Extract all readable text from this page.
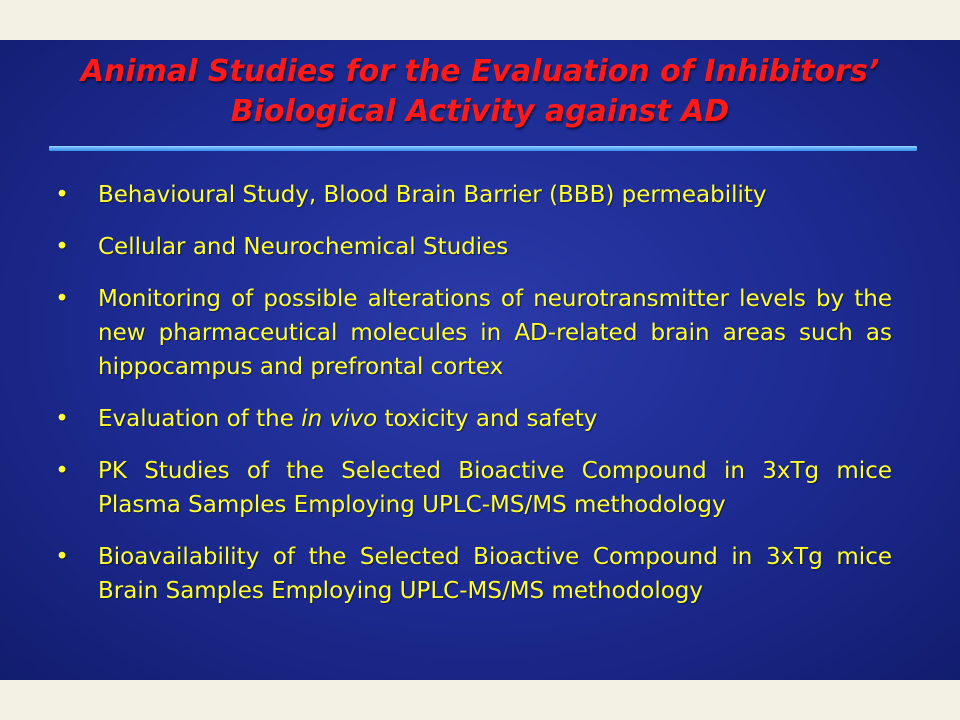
Animal Studies for the Evaluation of Inhibitors’
Biological Activity against AD
• Behavioural Study, Blood Brain Barrier (BBB) permeability
• Cellular and Neurochemical Studies
• Monitoring of possible alterations of neurotransmitter levels by the new pharmaceutical molecules in AD-related brain areas such as hippocampus and prefrontal cortex
• Evaluation of the in vivo toxicity and safety
• PK Studies of the Selected Bioactive Compound in 3xTg mice Plasma Samples Employing UPLC-MS/MS methodology
• Bioavailability of the Selected Bioactive Compound in 3xTg mice Brain Samples Employing UPLC-MS/MS methodology
